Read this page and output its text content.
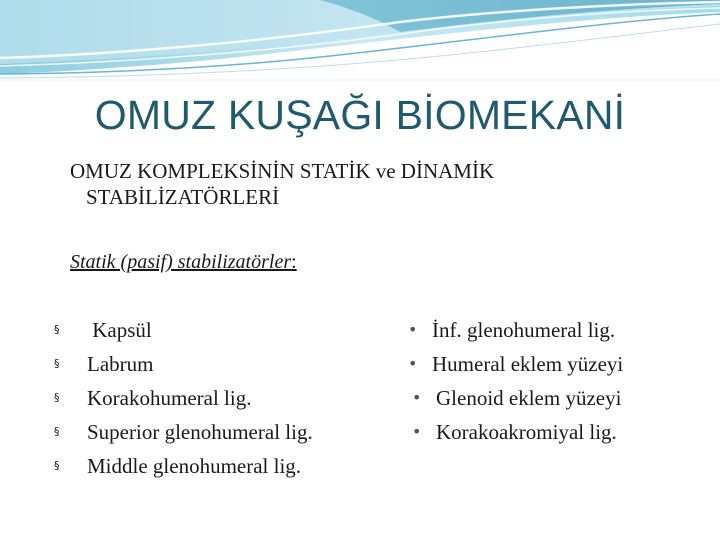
OMUZ KUŞAĞI BİOMEKANİ
OMUZ KOMPLEKSİNİN STATİK ve DİNAMİK
STABİLİZATÖRLERİ
Statik (pasif) stabilizatörler:
§	Kapsül
§	Labrum
§	Korakohumeral lig.
§	Superior glenohumeral lig.
§	Middle glenohumeral lig.
• İnf. glenohumeral lig.
• Humeral eklem yüzeyi
• Glenoid eklem yüzeyi
• Korakoakromiyal lig.
